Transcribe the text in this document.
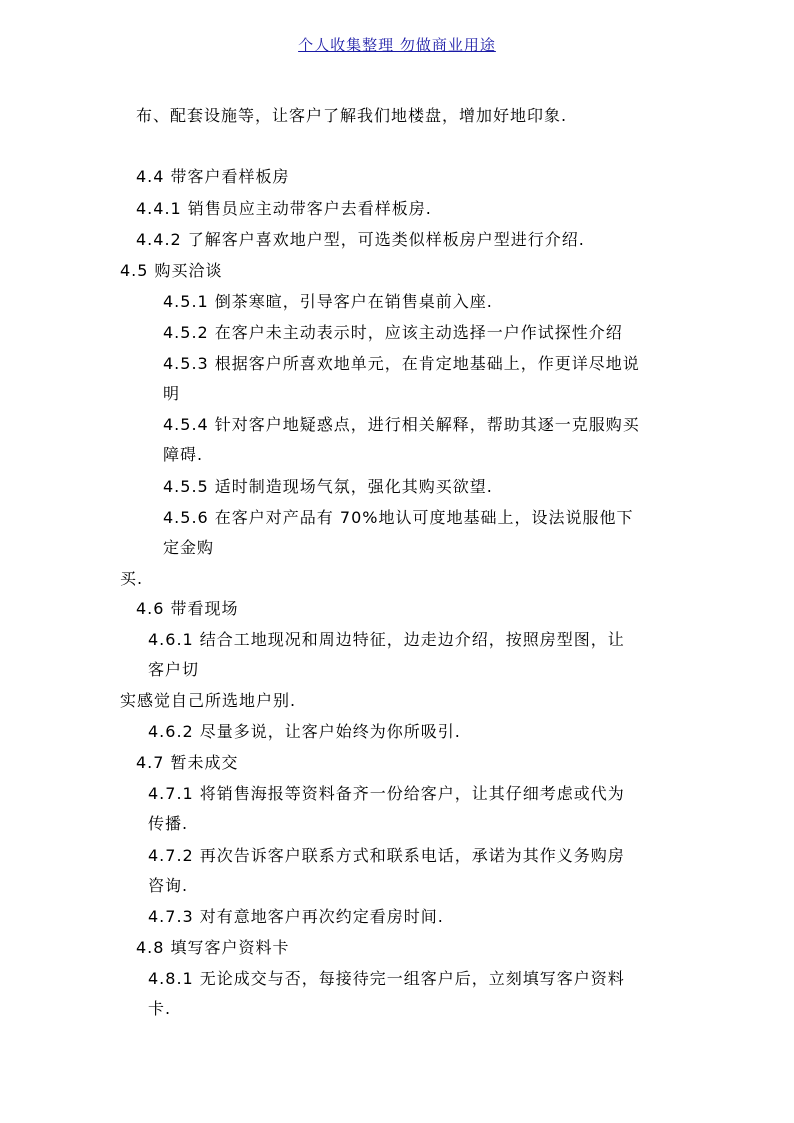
个人收集整理 勿做商业用途
布、配套设施等，让客户了解我们地楼盘，增加好地印象.
4.4 带客户看样板房
4.4.1 销售员应主动带客户去看样板房.
4.4.2 了解客户喜欢地户型，可选类似样板房户型进行介绍.
4.5 购买洽谈
4.5.1 倒茶寒暄，引导客户在销售桌前入座.
4.5.2 在客户未主动表示时，应该主动选择一户作试探性介绍
4.5.3 根据客户所喜欢地单元，在肯定地基础上，作更详尽地说
明
4.5.4 针对客户地疑惑点，进行相关解释，帮助其逐一克服购买
障碍.
4.5.5 适时制造现场气氛，强化其购买欲望.
4.5.6 在客户对产品有 70%地认可度地基础上，设法说服他下
定金购
买.
4.6 带看现场
4.6.1 结合工地现况和周边特征，边走边介绍，按照房型图，让
客户切
实感觉自己所选地户别.
4.6.2 尽量多说，让客户始终为你所吸引.
4.7 暂未成交
4.7.1 将销售海报等资料备齐一份给客户，让其仔细考虑或代为
传播.
4.7.2 再次告诉客户联系方式和联系电话，承诺为其作义务购房
咨询.
4.7.3 对有意地客户再次约定看房时间.
4.8 填写客户资料卡
4.8.1 无论成交与否，每接待完一组客户后，立刻填写客户资料
卡.
